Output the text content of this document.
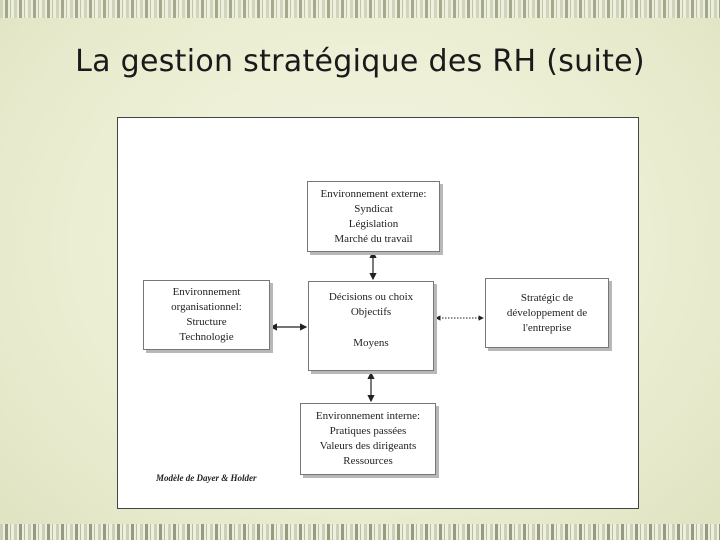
La gestion stratégique des RH (suite)
Environnement externe:
Syndicat
Législation
Marché du travail
Environnement
organisationnel:
Structure
Technologie
Décisions ou choix
Objectifs
Moyens
Stratégic de
développement de
l'entreprise
Environnement interne:
Pratiques passées
Valeurs des dirigeants
Ressources
Modèle de Dayer & Holder
